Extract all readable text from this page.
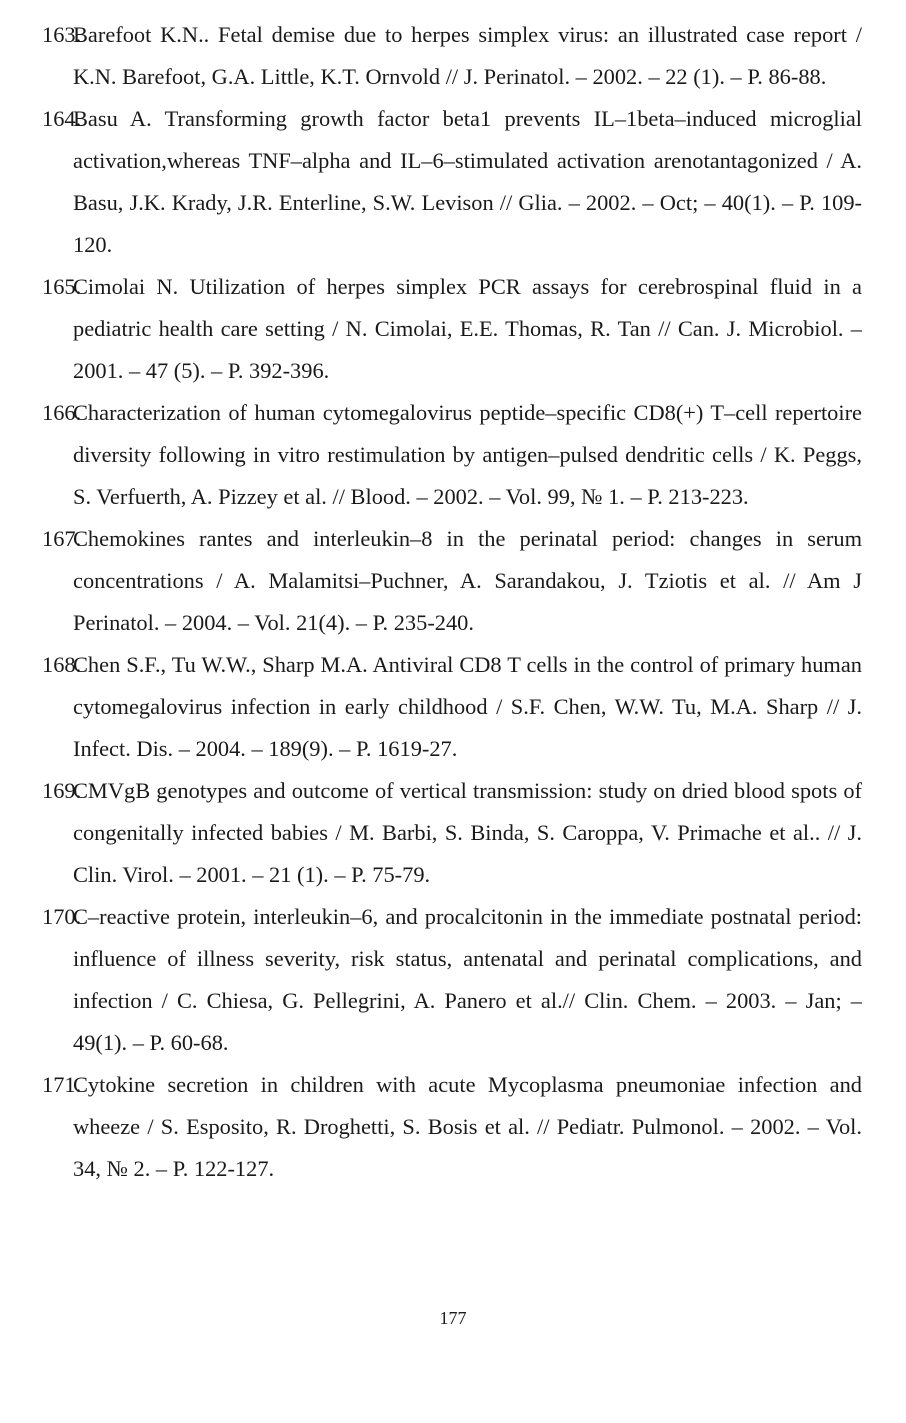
163.Barefoot K.N.. Fetal demise due to herpes simplex virus: an illustrated case report / K.N. Barefoot, G.A. Little, K.T. Ornvold // J. Perinatol. – 2002. – 22 (1). – P. 86-88.
164.Basu A. Transforming growth factor beta1 prevents IL–1beta–induced microglial activation,whereas TNF–alpha and IL–6–stimulated activation arenotantagonized / A. Basu, J.K. Krady, J.R. Enterline, S.W. Levison // Glia. – 2002. – Oct; – 40(1). – P. 109-120.
165.Cimolai N. Utilization of herpes simplex PCR assays for cerebrospinal fluid in a pediatric health care setting / N. Cimolai, E.E. Thomas, R. Tan // Can. J. Microbiol. – 2001. – 47 (5). – P. 392-396.
166.Characterization of human cytomegalovirus peptide–specific CD8(+) T–cell repertoire diversity following in vitro restimulation by antigen–pulsed dendritic cells / K. Peggs, S. Verfuerth, A. Pizzey et al. // Blood. – 2002. – Vol. 99, № 1. – P. 213-223.
167.Chemokines rantes and interleukin–8 in the perinatal period: changes in serum concentrations / A. Malamitsi–Puchner, A. Sarandakou, J. Tziotis et al. // Am J Perinatol. – 2004. – Vol. 21(4). – P. 235-240.
168.Chen S.F., Tu W.W., Sharp M.A. Antiviral CD8 T cells in the control of primary human cytomegalovirus infection in early childhood / S.F. Chen, W.W. Tu, M.A. Sharp // J. Infect. Dis. – 2004. – 189(9). – P. 1619-27.
169.CMVgB genotypes and outcome of vertical transmission: study on dried blood spots of congenitally infected babies / M. Barbi, S. Binda, S. Caroppa, V. Primache et al.. // J. Clin. Virol. – 2001. – 21 (1). – P. 75-79.
170.C–reactive protein, interleukin–6, and procalcitonin in the immediate postnatal period: influence of illness severity, risk status, antenatal and perinatal complications, and infection / C. Chiesa, G. Pellegrini, A. Panero et al.// Clin. Chem. – 2003. – Jan; – 49(1). – P. 60-68.
171.Cytokine secretion in children with acute Mycoplasma pneumoniae infection and wheeze / S. Esposito, R. Droghetti, S. Bosis et al. // Pediatr. Pulmonol. – 2002. – Vol. 34, № 2. – P. 122-127.
177
